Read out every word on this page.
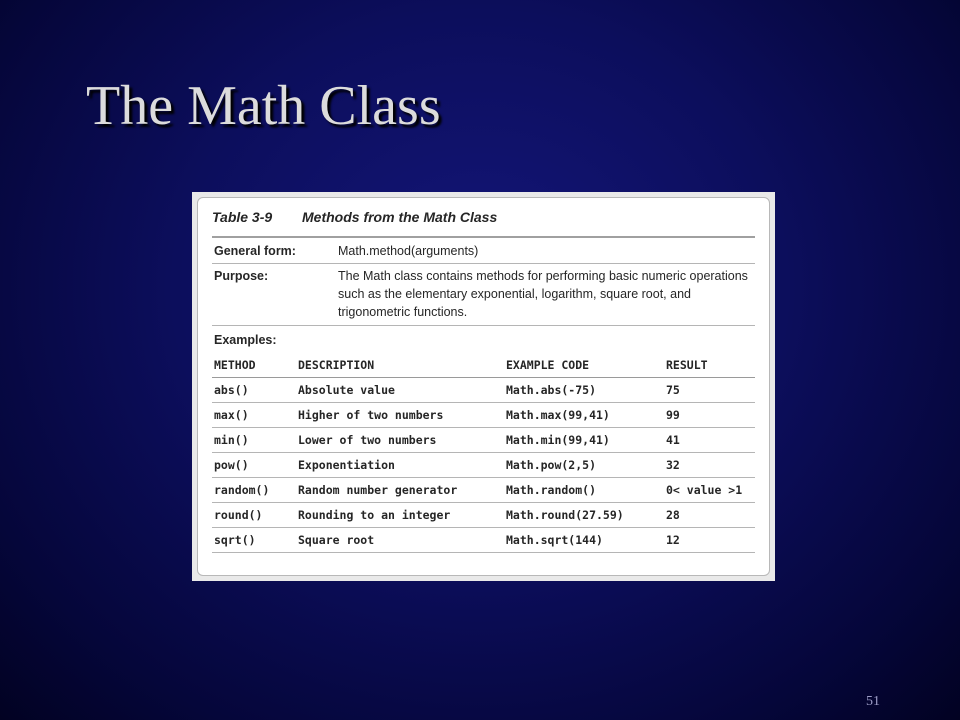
The Math Class
Table 3-9	Methods from the Math Class
General form:	Math.method(arguments)
Purpose:	The Math class contains methods for performing basic numeric operations such as the elementary exponential, logarithm, square root, and trigonometric functions.
Examples:
METHOD	DESCRIPTION	EXAMPLE CODE	RESULT
abs()	Absolute value	Math.abs(-75)	75
max()	Higher of two numbers	Math.max(99,41)	99
min()	Lower of two numbers	Math.min(99,41)	41
pow()	Exponentiation	Math.pow(2,5)	32
random()	Random number generator	Math.random()	0< value >1
round()	Rounding to an integer	Math.round(27.59)	28
sqrt()	Square root	Math.sqrt(144)	12
51
